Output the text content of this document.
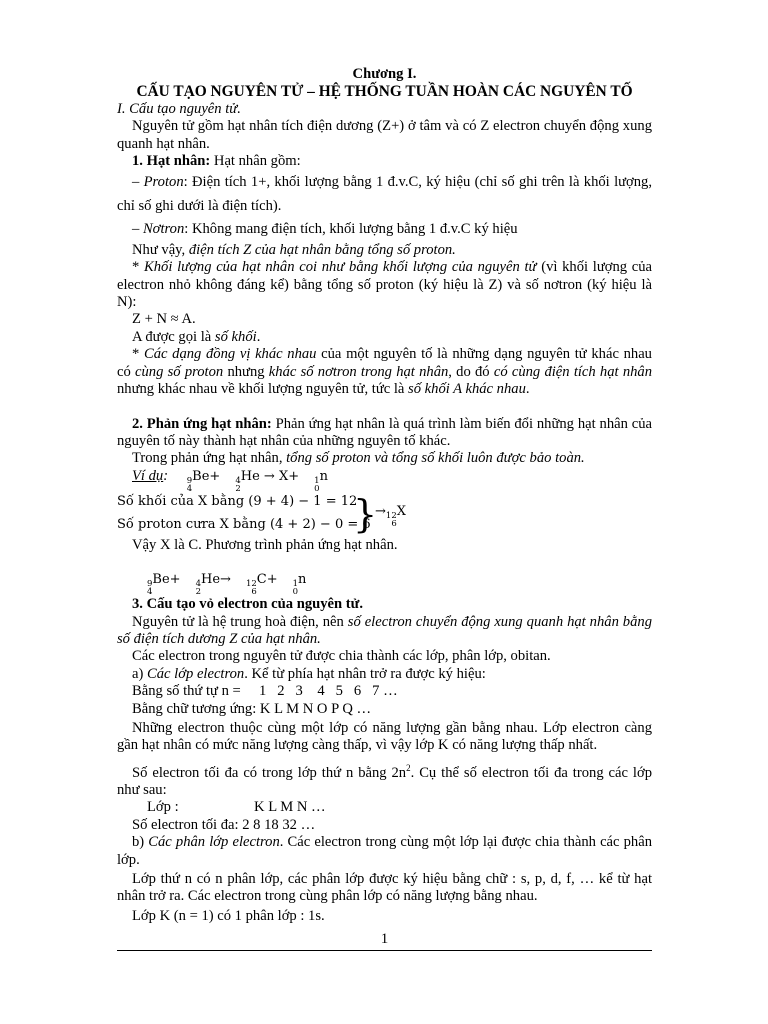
Chương I.

CẤU TẠO NGUYÊN TỬ – HỆ THỐNG TUẦN HOÀN CÁC NGUYÊN TỐ

I. Cấu tạo nguyên tử.

Nguyên tử gồm hạt nhân tích điện dương (Z+) ở tâm và có Z electron chuyển động xung quanh hạt nhân.

1. Hạt nhân: Hạt nhân gồm:

– Proton: Điện tích 1+, khối lượng bằng 1 đ.v.C, ký hiệu (chỉ số ghi trên là khối lượng, chỉ số ghi dưới là điện tích).

– Nơtron: Không mang điện tích, khối lượng bằng 1 đ.v.C ký hiệu

Như vậy, điện tích Z của hạt nhân bằng tổng số proton.

* Khối lượng của hạt nhân coi như bằng khối lượng của nguyên tử (vì khối lượng của electron nhỏ không đáng kể) bằng tổng số proton (ký hiệu là Z) và số nơtron (ký hiệu là N):

Z + N ≈ A.

A được gọi là số khối.

* Các dạng đồng vị khác nhau của một nguyên tố là những dạng nguyên tử khác nhau có cùng số proton nhưng khác số nơtron trong hạt nhân, do đó có cùng điện tích hạt nhân nhưng khác nhau về khối lượng nguyên tử, tức là số khối A khác nhau.

2. Phản ứng hạt nhân: Phản ứng hạt nhân là quá trình làm biến đổi những hạt nhân của nguyên tố này thành hạt nhân của những nguyên tố khác.

Trong phản ứng hạt nhân, tổng số proton và tổng số khối luôn được bảo toàn.

Ví dụ:	9
4
Be+	4
2
He → X+	1
0
n

Số khối của X bằng (9 + 4) − 1 = 12
Số proton cưra X bằng (4 + 2) − 0 = 6
}
→ 12
6
X

Vậy X là C. Phương trình phản ứng hạt nhân.

9
4
Be+	4
2
He→	12
6
C+	1
0
n

3. Cấu tạo vỏ electron của nguyên tử.

Nguyên tử là hệ trung hoà điện, nên số electron chuyển động xung quanh hạt nhân bằng số điện tích dương Z của hạt nhân.

Các electron trong nguyên tử được chia thành các lớp, phân lớp, obitan.

a) Các lớp electron. Kể từ phía hạt nhân trở ra được ký hiệu:

Bằng số thứ tự n = 1   2   3    4   5   6   7 …

Bằng chữ tương ứng: K L M N O P Q …

Những electron thuộc cùng một lớp có năng lượng gần bằng nhau. Lớp electron càng gần hạt nhân có mức năng lượng càng thấp, vì vậy lớp K có năng lượng thấp nhất.

Số electron tối đa có trong lớp thứ n bằng $2n^2$. Cụ thể số electron tối đa trong các lớp như sau:

Lớp :	K L M N …

Số electron tối đa: 2 8 18 32 …

b) Các phân lớp electron. Các electron trong cùng một lớp lại được chia thành các phân lớp.

Lớp thứ n có n phân lớp, các phân lớp được ký hiệu bằng chữ : s, p, d, f, … kể từ hạt nhân trở ra. Các electron trong cùng phân lớp có năng lượng bằng nhau.

Lớp K (n = 1) có 1 phân lớp : 1s.

1
